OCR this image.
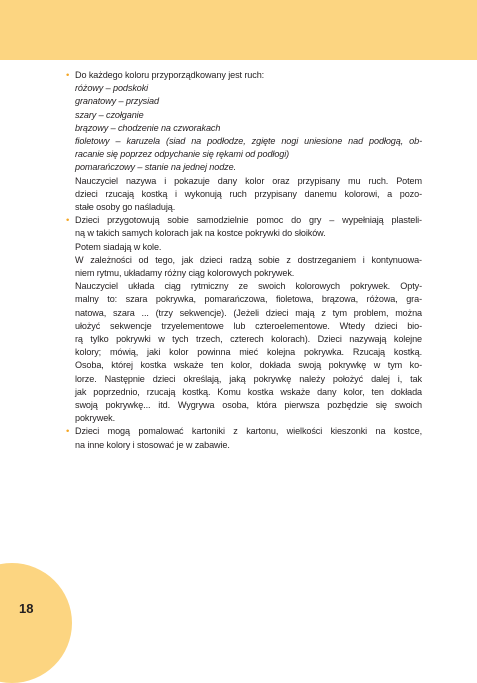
• Do każdego koloru przyporządkowany jest ruch:
różowy – podskoki
granatowy – przysiad
szary – czołganie
brązowy – chodzenie na czworakach
fioletowy – karuzela (siad na podłodze, zgięte nogi uniesione nad podłogą, ob-
racanie się poprzez odpychanie się rękami od podłogi)
pomarańczowy – stanie na jednej nodze.
Nauczyciel nazywa i pokazuje dany kolor oraz przypisany mu ruch. Potem
dzieci rzucają kostką i wykonują ruch przypisany danemu kolorowi, a pozo-
stałe osoby go naśladują.
• Dzieci przygotowują sobie samodzielnie pomoc do gry – wypełniają plasteli-
ną w takich samych kolorach jak na kostce pokrywki do słoików.
Potem siadają w kole.
W zależności od tego, jak dzieci radzą sobie z dostrzeganiem i kontynuowa-
niem rytmu, układamy różny ciąg kolorowych pokrywek.
Nauczyciel układa ciąg rytmiczny ze swoich kolorowych pokrywek. Opty-
malny to: szara pokrywka, pomarańczowa, fioletowa, brązowa, różowa, gra-
natowa, szara ... (trzy sekwencje). (Jeżeli dzieci mają z tym problem, można
ułożyć sekwencje trzyelementowe lub czteroelementowe. Wtedy dzieci bio-
rą tylko pokrywki w tych trzech, czterech kolorach). Dzieci nazywają kolejne
kolory; mówią, jaki kolor powinna mieć kolejna pokrywka. Rzucają kostką.
Osoba, której kostka wskaże ten kolor, dokłada swoją pokrywkę w tym ko-
lorze. Następnie dzieci określają, jaką pokrywkę należy położyć dalej i, tak
jak poprzednio, rzucają kostką. Komu kostka wskaże dany kolor, ten dokłada
swoją pokrywkę... itd. Wygrywa osoba, która pierwsza pozbędzie się swoich
pokrywek.
• Dzieci mogą pomalować kartoniki z kartonu, wielkości kieszonki na kostce,
na inne kolory i stosować je w zabawie.
18
